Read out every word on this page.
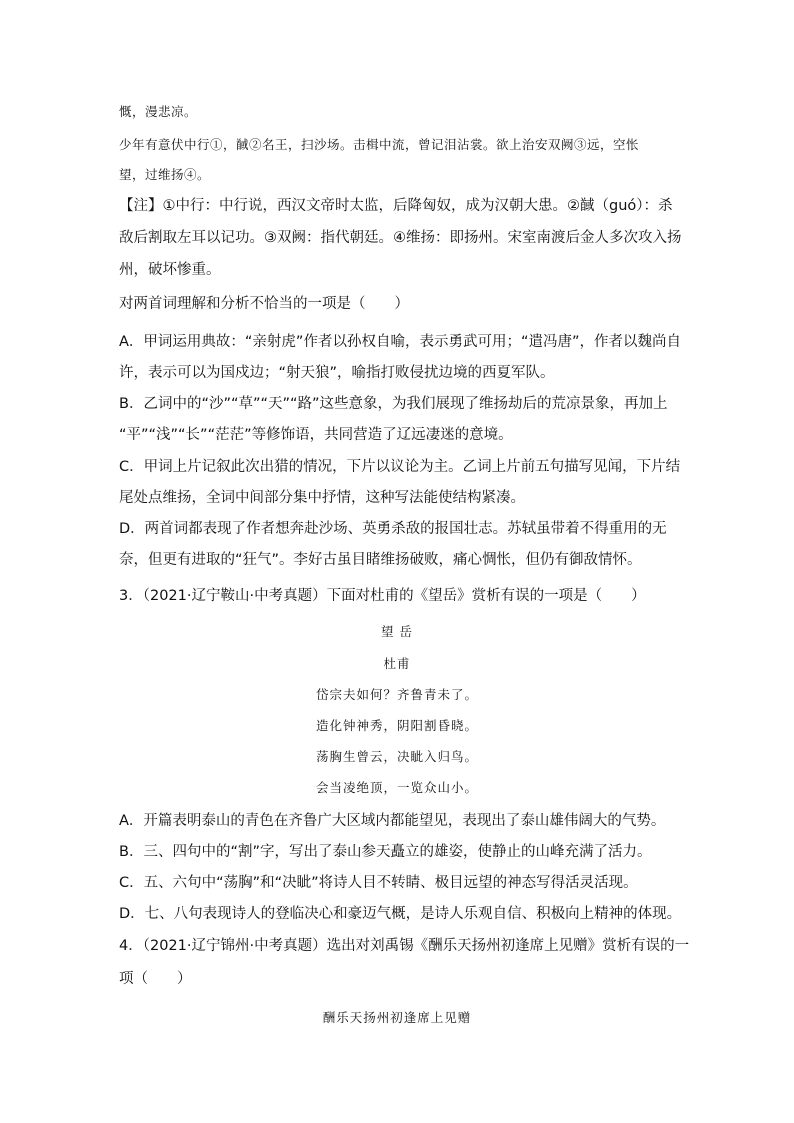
慨，漫悲凉。
少年有意伏中行①，馘②名王，扫沙场。击楫中流，曾记泪沾裳。欲上治安双阙③远，空怅
望，过维扬④。
【注】①中行：中行说，西汉文帝时太监，后降匈奴，成为汉朝大患。②馘（guó）：杀
敌后割取左耳以记功。③双阙：指代朝廷。④维扬：即扬州。宋室南渡后金人多次攻入扬
州，破坏惨重。
对两首词理解和分析不恰当的一项是（　　）
A．甲词运用典故：“亲射虎”作者以孙权自喻，表示勇武可用；“遣冯唐”，作者以魏尚自
许，表示可以为国戍边；“射天狼”，喻指打败侵扰边境的西夏军队。
B．乙词中的“沙”“草”“天”“路”这些意象，为我们展现了维扬劫后的荒凉景象，再加上
“平”“浅”“长”“茫茫”等修饰语，共同营造了辽远凄迷的意境。
C．甲词上片记叙此次出猎的情况，下片以议论为主。乙词上片前五句描写见闻，下片结
尾处点维扬，全词中间部分集中抒情，这种写法能使结构紧凑。
D．两首词都表现了作者想奔赴沙场、英勇杀敌的报国壮志。苏轼虽带着不得重用的无
奈，但更有进取的“狂气”。李好古虽目睹维扬破败，痛心惆怅，但仍有御敌情怀。
3．（2021·辽宁鞍山·中考真题）下面对杜甫的《望岳》赏析有误的一项是（　　）
望 岳
杜甫
岱宗夫如何？齐鲁青未了。
造化钟神秀，阴阳割昏晓。
荡胸生曾云，决眦入归鸟。
会当凌绝顶，一览众山小。
A．开篇表明泰山的青色在齐鲁广大区域内都能望见，表现出了泰山雄伟阔大的气势。
B．三、四句中的“割”字，写出了泰山参天矗立的雄姿，使静止的山峰充满了活力。
C．五、六句中“荡胸”和“决眦”将诗人目不转睛、极目远望的神态写得活灵活现。
D．七、八句表现诗人的登临决心和豪迈气概，是诗人乐观自信、积极向上精神的体现。
4．（2021·辽宁锦州·中考真题）选出对刘禹锡《酬乐天扬州初逢席上见赠》赏析有误的一
项（　　）
酬乐天扬州初逢席上见赠
